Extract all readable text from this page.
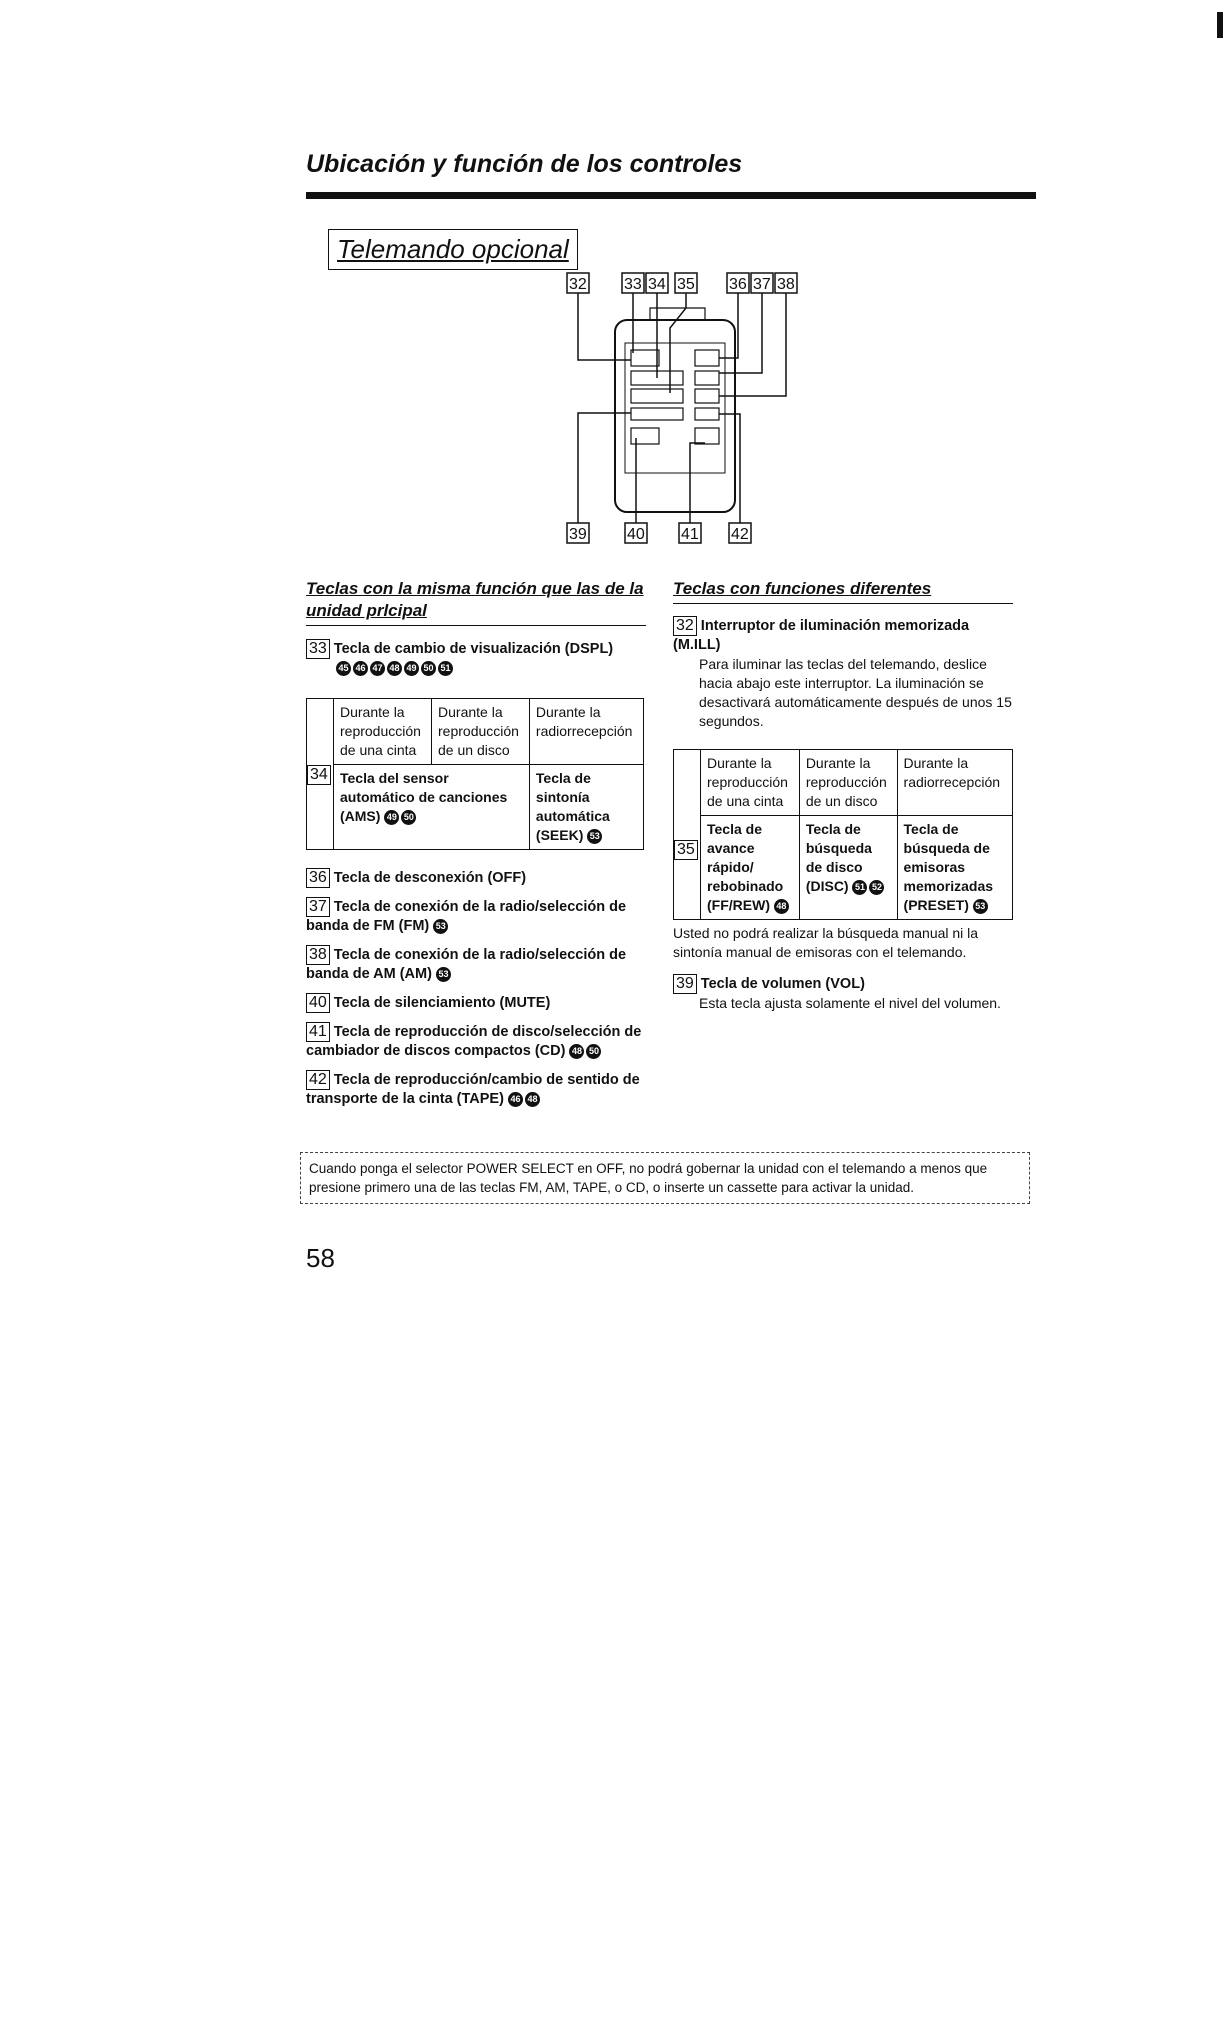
Ubicación y función de los controles
Telemando opcional
32 33 34 35 36 37 38
39	40 41 42
Teclas con la misma función que las de la unidad prlcipal
33 Tecla de cambio de visualización (DSPL)
45 46 47 48 49 50 51
	Durante la reproducción de una cinta	Durante la reproducción de un disco	Durante la radiorrecepción
	Tecla del sensor automático de canciones (AMS) 49 50		Tecla de sintonía automática (SEEK) 53
34
36 Tecla de desconexión (OFF)
37 Tecla de conexión de la radio/selección de banda de FM (FM) 53
38 Tecla de conexión de la radio/selección de banda de AM (AM) 53
40 Tecla de silenciamiento (MUTE)
41 Tecla de reproducción de disco/selección de cambiador de discos compactos (CD) 48 50
42 Tecla de reproducción/cambio de sentido de transporte de la cinta (TAPE) 46 48
Teclas con funciones diferentes
32 Interruptor de iluminación memorizada (M.ILL)
Para iluminar las teclas del telemando, deslice hacia abajo este interruptor. La iluminación se desactivará automáticamente después de unos 15 segundos.
	Durante la reproducción de una cinta	Durante la reproducción de un disco	Durante la radiorrecepción
	Tecla de avance rápido/ rebobinado (FF/REW) 48	Tecla de búsqueda de disco (DISC) 51 52	Tecla de búsqueda de emisoras memorizadas (PRESET) 53
35
Usted no podrá realizar la búsqueda manual ni la sintonía manual de emisoras con el telemando.
39 Tecla de volumen (VOL)
Esta tecla ajusta solamente el nivel del volumen.
Cuando ponga el selector POWER SELECT en OFF, no podrá gobernar la unidad con el telemando a menos que presione primero una de las teclas FM, AM, TAPE, o CD, o inserte un cassette para activar la unidad.
58
